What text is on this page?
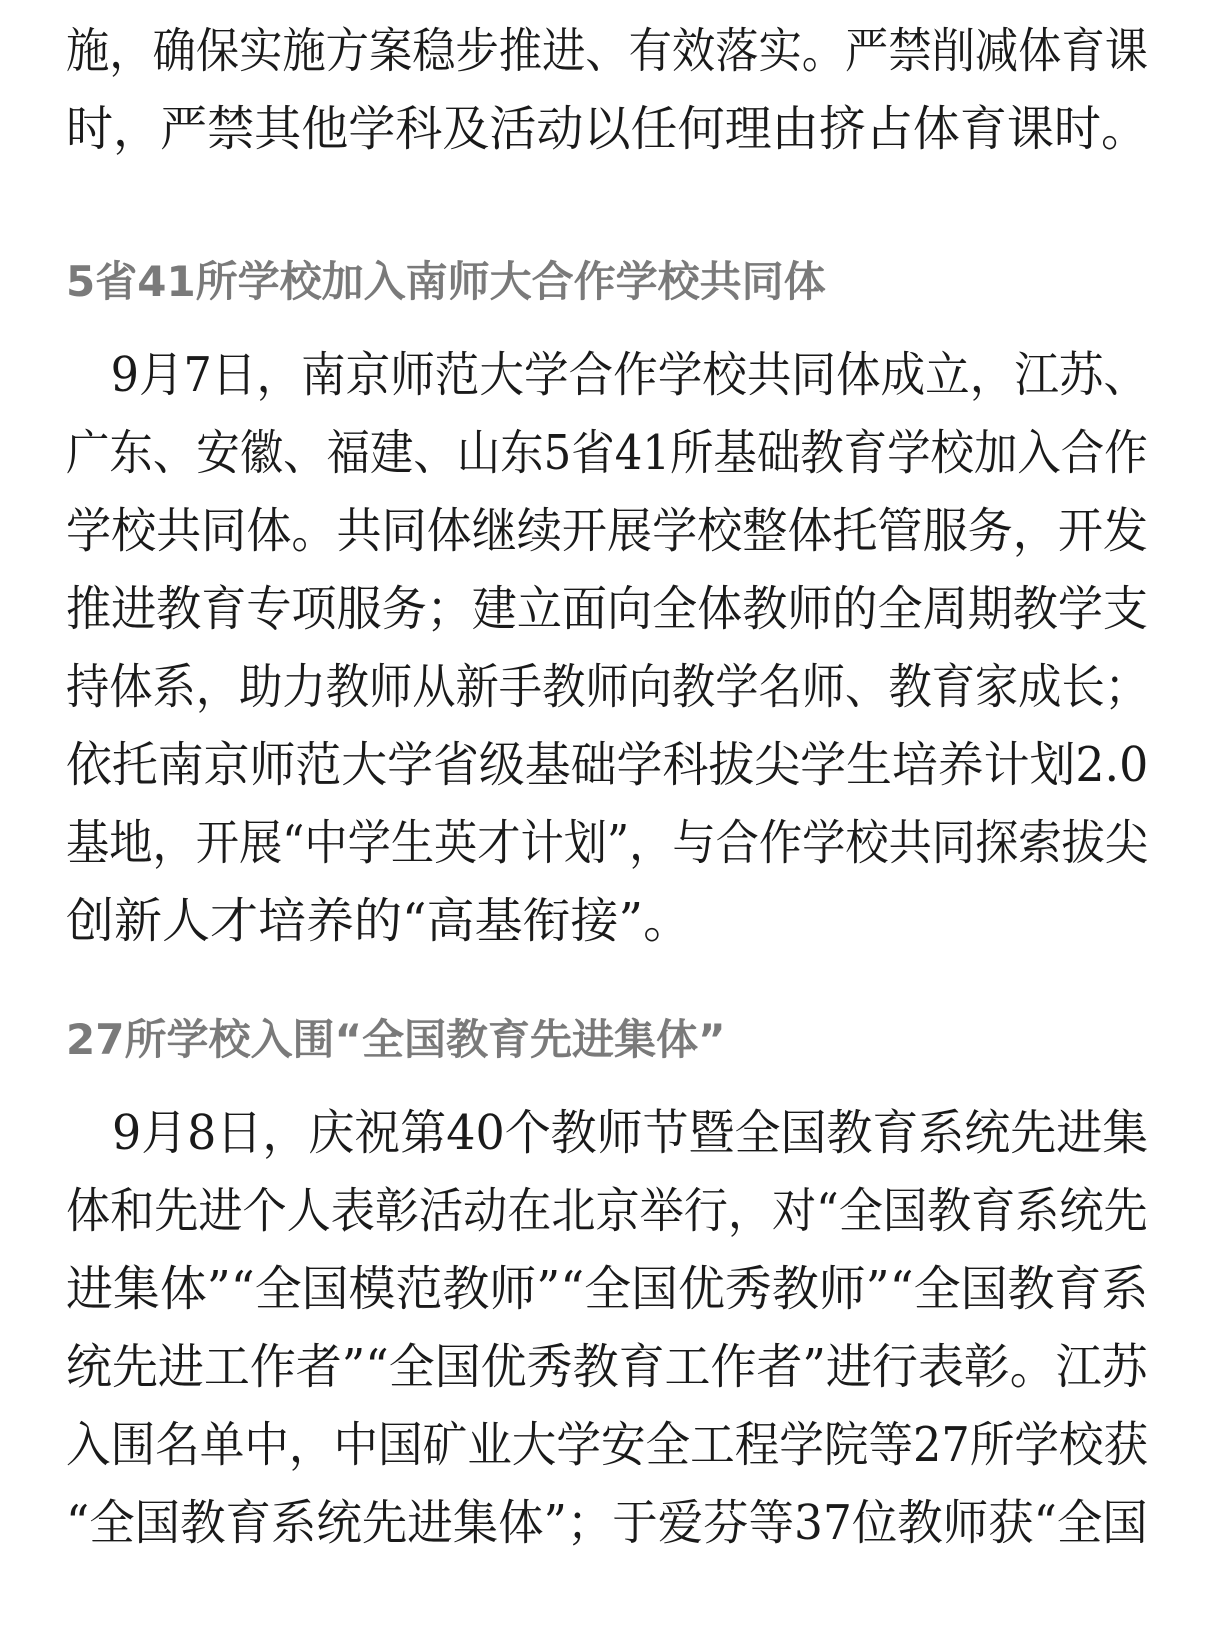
施，确保实施方案稳步推进、有效落实。严禁削减体育课
时，严禁其他学科及活动以任何理由挤占体育课时。
5省41所学校加入南师大合作学校共同体
　9月7日，南京师范大学合作学校共同体成立，江苏、
广东、安徽、福建、山东5省41所基础教育学校加入合作
学校共同体。共同体继续开展学校整体托管服务，开发
推进教育专项服务；建立面向全体教师的全周期教学支
持体系，助力教师从新手教师向教学名师、教育家成长；
依托南京师范大学省级基础学科拔尖学生培养计划2.0
基地，开展“中学生英才计划”，与合作学校共同探索拔尖
创新人才培养的“高基衔接”。
27所学校入围“全国教育先进集体”
　9月8日，庆祝第40个教师节暨全国教育系统先进集
体和先进个人表彰活动在北京举行，对“全国教育系统先
进集体”“全国模范教师”“全国优秀教师”“全国教育系
统先进工作者”“全国优秀教育工作者”进行表彰。江苏
入围名单中，中国矿业大学安全工程学院等27所学校获
“全国教育系统先进集体”；于爱芬等37位教师获“全国
